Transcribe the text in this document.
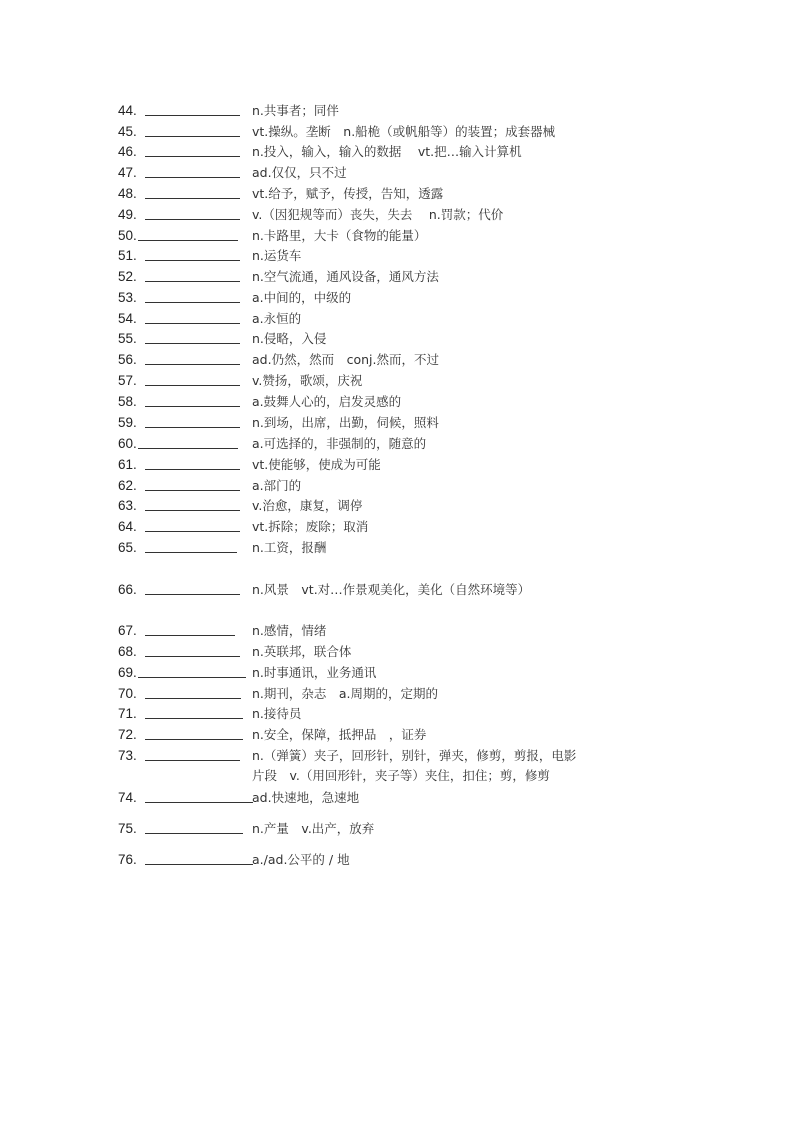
44.	n.共事者；同伴
45.	vt.操纵。垄断　n.船桅（或帆船等）的装置；成套器械
46.	n.投入，输入，输入的数据　 vt.把…输入计算机
47.	ad.仅仅，只不过
48.	vt.给予，赋予，传授，告知，透露
49.	v.（因犯规等而）丧失，失去　 n.罚款；代价
50.	n.卡路里，大卡（食物的能量）
51.	n.运货车
52.	n.空气流通，通风设备，通风方法
53.	a.中间的，中级的
54.	a.永恒的
55.	n.侵略，入侵
56.	ad.仍然，然而　conj.然而，不过
57.	v.赞扬，歌颂，庆祝
58.	a.鼓舞人心的，启发灵感的
59.	n.到场，出席，出勤，伺候，照料
60.	a.可选择的，非强制的，随意的
61.	vt.使能够，使成为可能
62.	a.部门的
63.	v.治愈，康复，调停
64.	vt.拆除；废除；取消
65.	n.工资，报酬
66.	n.风景　vt.对…作景观美化，美化（自然环境等）
67.	n.感情，情绪
68.	n.英联邦，联合体
69.	n.时事通讯，业务通讯
70.	n.期刊，杂志　a.周期的，定期的
71.	n.接待员
72.	n.安全，保障，抵押品　，证券
73.	n.（弹簧）夹子，回形针，别针，弹夹，修剪，剪报，电影
片段　v.（用回形针，夹子等）夹住，扣住；剪，修剪
74.	ad.快速地，急速地
75.	n.产量　v.出产，放弃
76.	a./ad.公平的 / 地
